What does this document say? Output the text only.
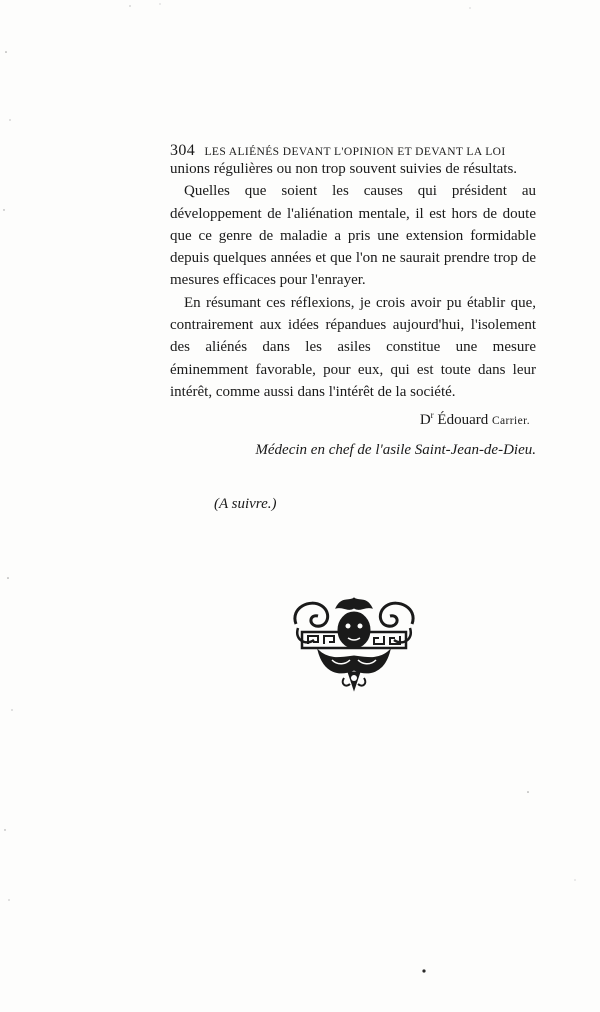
304 LES ALIÉNÉS DEVANT L'OPINION ET DEVANT LA LOI

unions régulières ou non trop souvent suivies de résultats.

Quelles que soient les causes qui président au développement de l'aliénation mentale, il est hors de doute que ce genre de maladie a pris une extension formidable depuis quelques années et que l'on ne saurait prendre trop de mesures efficaces pour l'enrayer.

En résumant ces réflexions, je crois avoir pu établir que, contrairement aux idées répandues aujourd'hui, l'isolement des aliénés dans les asiles constitue une mesure éminemment favorable, pour eux, qui est toute dans leur intérêt, comme aussi dans l'intérêt de la société.

$D^r$ Édouard Carrier.
Médecin en chef de l'asile Saint-Jean-de-Dieu.
(A suivre.)
